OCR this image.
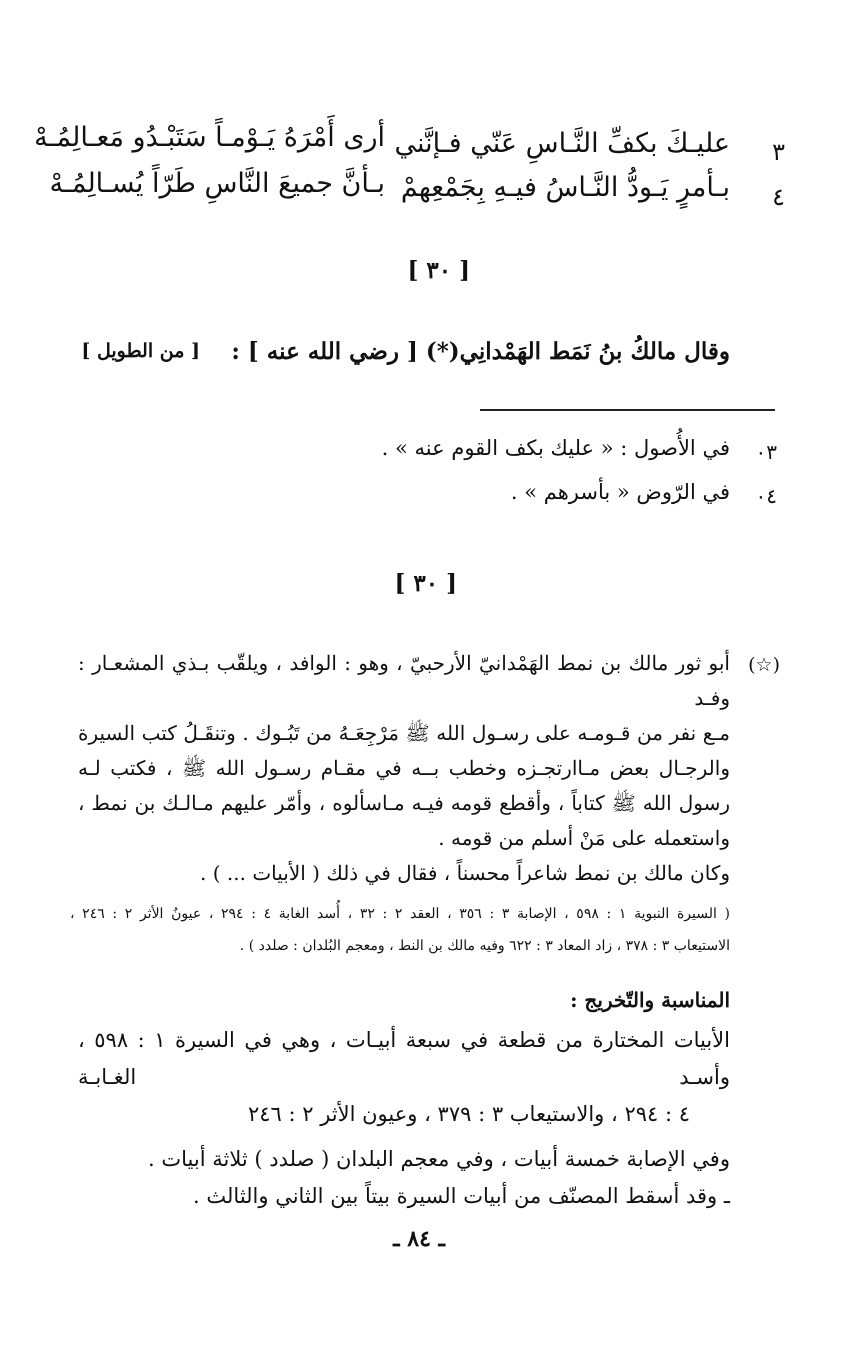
٣
عليـكَ بكفِّ النَّـاسِ عَنّي فـإنَّني
أرى أَمْرَهُ يَـوْمـاً سَتَبْـدُو مَعـالِمُـهْ
٤
بـأمرٍ يَـودُّ النَّـاسُ فيـهِ بِجَمْعِهمْ
بـأنَّ جميعَ النَّاسِ طَرّاً يُسـالِمُـهْ
[ ٣٠ ]
وقال مالكُ بنُ نَمَط الهَمْدانِي(*) [ رضي الله عنه ] :
[ من الطويل ]
٠٣
في الأُصول : « عليك بكف القوم عنه » .
٠٤
في الرّوض « بأسرهم » .
[ ٣٠ ]
(☆)

أبو ثور مالك بن نمط الهَمْدانيّ الأرحبيّ ، وهو : الوافد ، ويلقّب بـذي المشعـار : وفـد

مـع نفر من قـومـه على رسـول الله ﷺ مَرْجِعَـهُ من تَبُـوك . وتنقَـلُ كتب السيرة

والرجـال بعض مـاارتجـزه وخطب بــه في مقـام رسـول الله ﷺ ، فكتب لـه

رسول الله ﷺ كتاباً ، وأقطع قومه فيـه مـاسألوه ، وأمّر عليهم مـالـك بن نمط ،

واستعمله على مَنْ أسلم من قومه .

وكان مالك بن نمط شاعراً محسناً ، فقال في ذلك ( الأبيات ... ) .

( السيرة النبوية ١ : ٥٩٨ ، الإصابة ٣ : ٣٥٦ ، العقد ٢ : ٣٢ ، أُسد الغابة ٤ : ٢٩٤ ، عيونُ الأثر ٢ : ٢٤٦ ،

الاستيعاب ٣ : ٣٧٨ ، زاد المعاد ٣ : ٦٢٢ وفيه مالك بن النط ، ومعجم البُلدان : صلدد ) .

المناسبة والتّخريج :

الأبيات المختارة من قطعة في سبعة أبيـات ، وهي في السيرة ١ : ٥٩٨ ، وأسـد الغـابـة

٤ : ٢٩٤ ، والاستيعاب ٣ : ٣٧٩ ، وعيون الأثر ٢ : ٢٤٦

وفي الإصابة خمسة أبيات ، وفي معجم البلدان ( صلدد ) ثلاثة أبيات .

ـ وقد أسقط المصنّف من أبيات السيرة بيتاً بين الثاني والثالث .

ـ ٨٤ ـ
